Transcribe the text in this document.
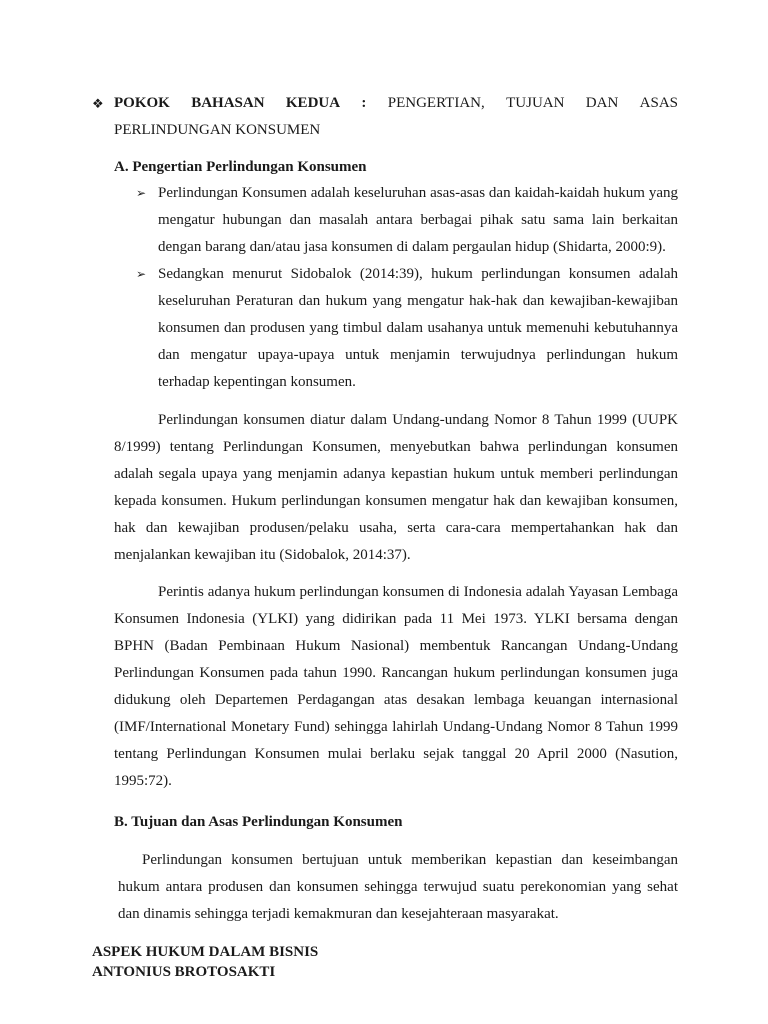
❖ POKOK BAHASAN KEDUA : PENGERTIAN, TUJUAN DAN ASAS
PERLINDUNGAN KONSUMEN
A. Pengertian Perlindungan Konsumen
➢ Perlindungan Konsumen adalah keseluruhan asas-asas dan kaidah-kaidah hukum yang mengatur hubungan dan masalah antara berbagai pihak satu sama lain berkaitan dengan barang dan/atau jasa konsumen di dalam pergaulan hidup (Shidarta, 2000:9).
➢ Sedangkan menurut Sidobalok (2014:39), hukum perlindungan konsumen adalah keseluruhan Peraturan dan hukum yang mengatur hak-hak dan kewajiban-kewajiban konsumen dan produsen yang timbul dalam usahanya untuk memenuhi kebutuhannya dan mengatur upaya-upaya untuk menjamin terwujudnya perlindungan hukum terhadap kepentingan konsumen.
Perlindungan konsumen diatur dalam Undang-undang Nomor 8 Tahun 1999 (UUPK 8/1999) tentang Perlindungan Konsumen, menyebutkan bahwa perlindungan konsumen adalah segala upaya yang menjamin adanya kepastian hukum untuk memberi perlindungan kepada konsumen. Hukum perlindungan konsumen mengatur hak dan kewajiban konsumen, hak dan kewajiban produsen/pelaku usaha, serta cara-cara mempertahankan hak dan menjalankan kewajiban itu (Sidobalok, 2014:37).
Perintis adanya hukum perlindungan konsumen di Indonesia adalah Yayasan Lembaga Konsumen Indonesia (YLKI) yang didirikan pada 11 Mei 1973. YLKI bersama dengan BPHN (Badan Pembinaan Hukum Nasional) membentuk Rancangan Undang-Undang Perlindungan Konsumen pada tahun 1990. Rancangan hukum perlindungan konsumen juga didukung oleh Departemen Perdagangan atas desakan lembaga keuangan internasional (IMF/International Monetary Fund) sehingga lahirlah Undang-Undang Nomor 8 Tahun 1999 tentang Perlindungan Konsumen mulai berlaku sejak tanggal 20 April 2000 (Nasution, 1995:72).
B. Tujuan dan Asas Perlindungan Konsumen
Perlindungan konsumen bertujuan untuk memberikan kepastian dan keseimbangan hukum antara produsen dan konsumen sehingga terwujud suatu perekonomian yang sehat dan dinamis sehingga terjadi kemakmuran dan kesejahteraan masyarakat.
ASPEK HUKUM DALAM BISNIS
ANTONIUS BROTOSAKTI
